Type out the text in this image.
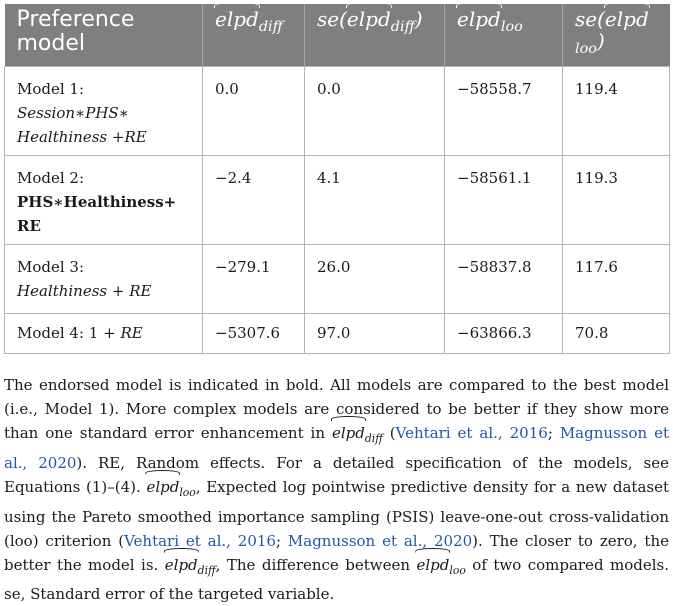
Preference model	elpd$_{diff}$	se(elpd$_{diff}$)	elpd$_{loo}$	se(elpd$_{loo}$)

Model 1:
Session∗PHS∗
Healthiness +RE	0.0	0.0	−58558.7	119.4

Model 2:
PHS∗Healthiness+
RE	−2.4	4.1	−58561.1	119.3

Model 3:
Healthiness + RE	−279.1	26.0	−58837.8	117.6
Model 4: 1 + RE	−5307.6	97.0	−63866.3	70.8

The endorsed model is indicated in bold. All models are compared to the best model (i.e., Model 1). More complex models are considered to be better if they show more than one standard error enhancement in elpd$_{diff}$ (Vehtari et al., 2016; Magnusson et al., 2020). RE, Random effects. For a detailed specification of the models, see Equations (1)–(4). elpd$_{loo}$, Expected log pointwise predictive density for a new dataset using the Pareto smoothed importance sampling (PSIS) leave-one-out cross-validation (loo) criterion (Vehtari et al., 2016; Magnusson et al., 2020). The closer to zero, the better the model is. elpd$_{diff}$, The difference between elpd$_{loo}$ of two compared models. se, Standard error of the targeted variable.
